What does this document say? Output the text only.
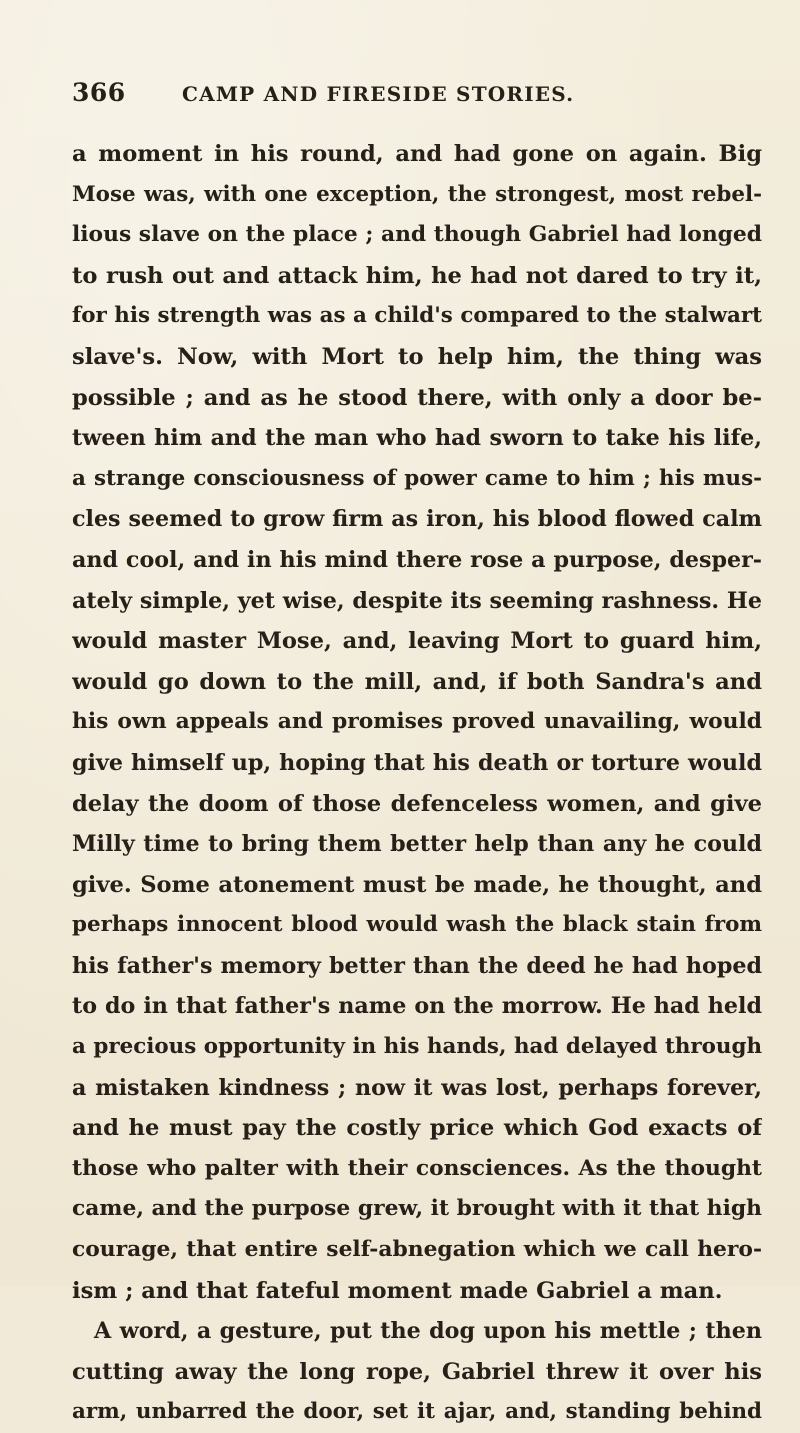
366	CAMP AND FIRESIDE STORIES.
a moment in his round, and had gone on again. Big
Mose was, with one exception, the strongest, most rebel-
lious slave on the place ; and though Gabriel had longed
to rush out and attack him, he had not dared to try it,
for his strength was as a child's compared to the stalwart
slave's. Now, with Mort to help him, the thing was
possible ; and as he stood there, with only a door be-
tween him and the man who had sworn to take his life,
a strange consciousness of power came to him ; his mus-
cles seemed to grow firm as iron, his blood flowed calm
and cool, and in his mind there rose a purpose, desper-
ately simple, yet wise, despite its seeming rashness. He
would master Mose, and, leaving Mort to guard him,
would go down to the mill, and, if both Sandra's and
his own appeals and promises proved unavailing, would
give himself up, hoping that his death or torture would
delay the doom of those defenceless women, and give
Milly time to bring them better help than any he could
give. Some atonement must be made, he thought, and
perhaps innocent blood would wash the black stain from
his father's memory better than the deed he had hoped
to do in that father's name on the morrow. He had held
a precious opportunity in his hands, had delayed through
a mistaken kindness ; now it was lost, perhaps forever,
and he must pay the costly price which God exacts of
those who palter with their consciences. As the thought
came, and the purpose grew, it brought with it that high
courage, that entire self-abnegation which we call hero-
ism ; and that fateful moment made Gabriel a man.
A word, a gesture, put the dog upon his mettle ; then
cutting away the long rope, Gabriel threw it over his
arm, unbarred the door, set it ajar, and, standing behind
